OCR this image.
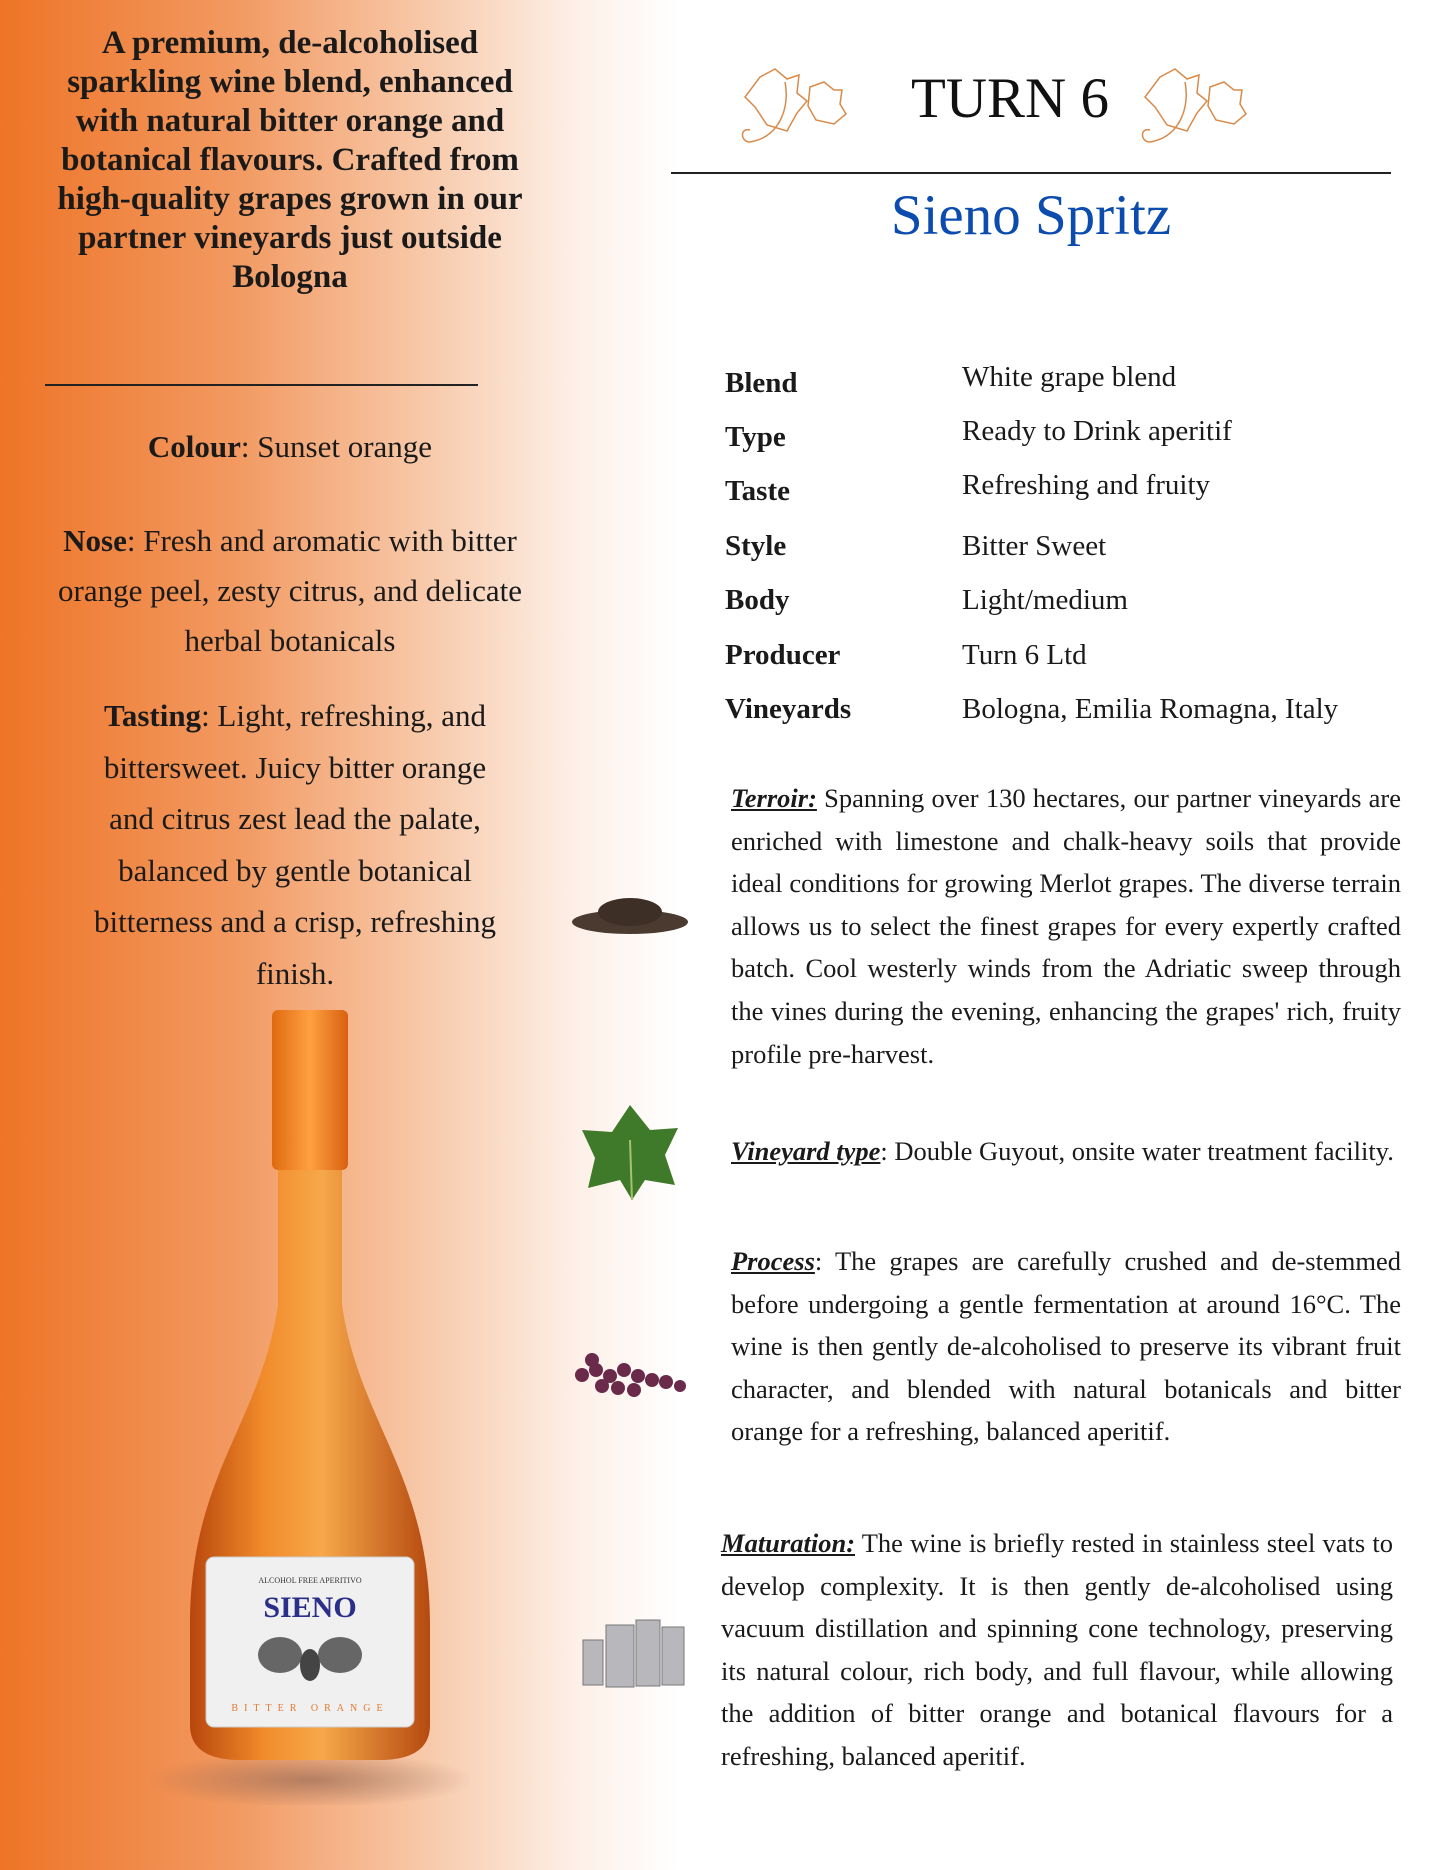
A premium, de-alcoholised sparkling wine blend, enhanced with natural bitter orange and botanical flavours. Crafted from high-quality grapes grown in our partner vineyards just outside Bologna
Colour: Sunset orange
Nose: Fresh and aromatic with bitter orange peel, zesty citrus, and delicate herbal botanicals
Tasting: Light, refreshing, and bittersweet. Juicy bitter orange and citrus zest lead the palate, balanced by gentle botanical bitterness and a crisp, refreshing finish.
ALCOHOL FREE APERITIVO
SIENO
BITTER ORANGE
TURN 6
Sieno Spritz
Blend	White grape blend
Type	Ready to Drink aperitif
Taste	Refreshing and fruity
Style	Bitter Sweet
Body	Light/medium
Producer	Turn 6 Ltd
Vineyards	Bologna, Emilia Romagna, Italy
Terroir: Spanning over 130 hectares, our partner vineyards are enriched with limestone and chalk-heavy soils that provide ideal conditions for growing Merlot grapes. The diverse terrain allows us to select the finest grapes for every expertly crafted batch. Cool westerly winds from the Adriatic sweep through the vines during the evening, enhancing the grapes' rich, fruity profile pre-harvest.
Vineyard type: Double Guyout, onsite water treatment facility.
Process: The grapes are carefully crushed and de-stemmed before undergoing a gentle fermentation at around 16°C. The wine is then gently de-alcoholised to preserve its vibrant fruit character, and blended with natural botanicals and bitter orange for a refreshing, balanced aperitif.
Maturation: The wine is briefly rested in stainless steel vats to develop complexity. It is then gently de-alcoholised using vacuum distillation and spinning cone technology, preserving its natural colour, rich body, and full flavour, while allowing the addition of bitter orange and botanical flavours for a refreshing, balanced aperitif.
